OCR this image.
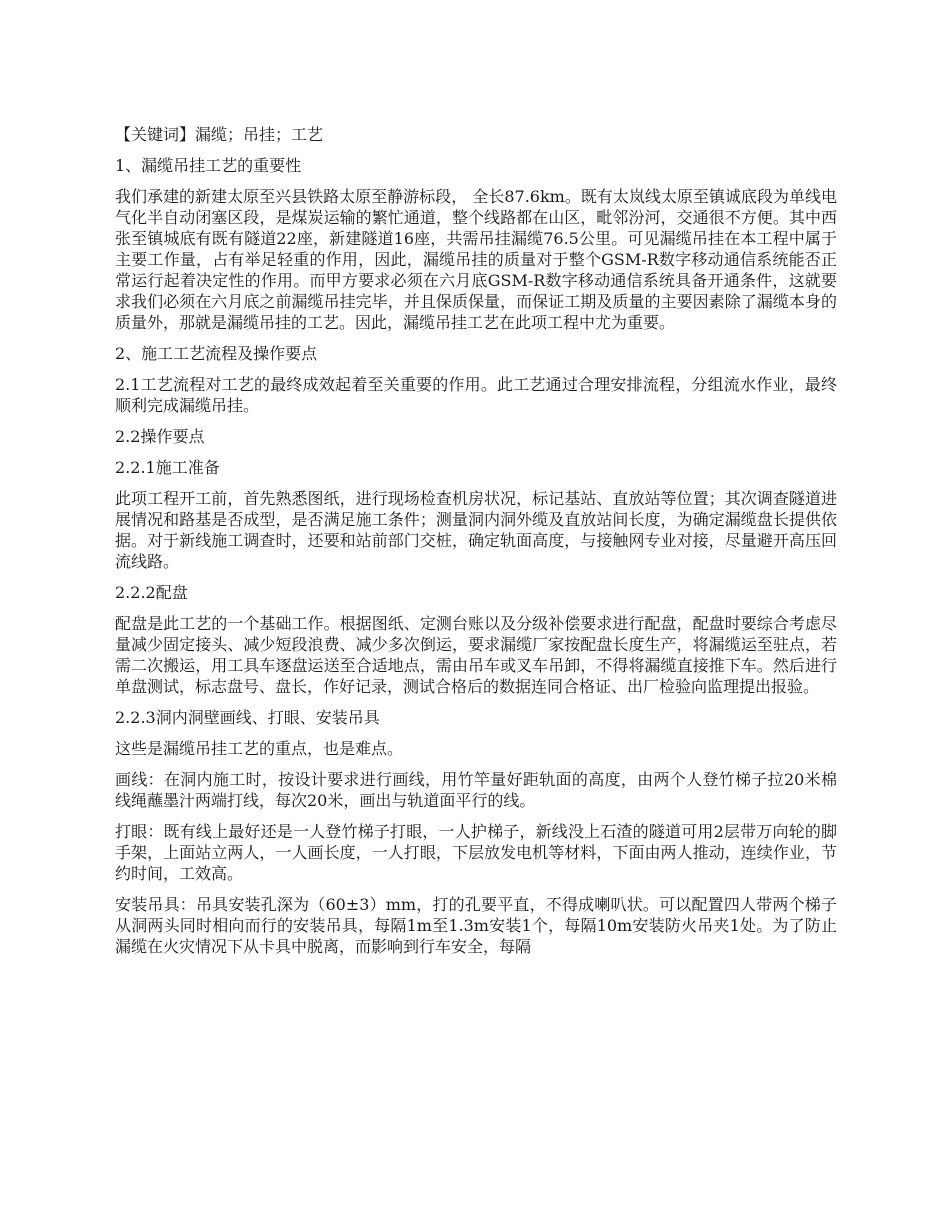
【关键词】漏缆；吊挂；工艺

1、漏缆吊挂工艺的重要性

我们承建的新建太原至兴县铁路太原至静游标段， 全长87.6km。既有太岚线太原至镇诚底段为单线电气化半自动闭塞区段，是煤炭运输的繁忙通道，整个线路都在山区，毗邻汾河，交通很不方便。其中西张至镇城底有既有隧道22座，新建隧道16座，共需吊挂漏缆76.5公里。可见漏缆吊挂在本工程中属于主要工作量，占有举足轻重的作用，因此，漏缆吊挂的质量对于整个GSM-R数字移动通信系统能否正常运行起着决定性的作用。而甲方要求必须在六月底GSM-R数字移动通信系统具备开通条件，这就要求我们必须在六月底之前漏缆吊挂完毕，并且保质保量，而保证工期及质量的主要因素除了漏缆本身的质量外，那就是漏缆吊挂的工艺。因此，漏缆吊挂工艺在此项工程中尤为重要。

2、施工工艺流程及操作要点

2.1工艺流程对工艺的最终成效起着至关重要的作用。此工艺通过合理安排流程，分组流水作业，最终顺利完成漏缆吊挂。

2.2操作要点

2.2.1施工准备

此项工程开工前，首先熟悉图纸，进行现场检查机房状况，标记基站、直放站等位置；其次调查隧道进展情况和路基是否成型，是否满足施工条件；测量洞内洞外缆及直放站间长度，为确定漏缆盘长提供依据。对于新线施工调查时，还要和站前部门交桩，确定轨面高度，与接触网专业对接，尽量避开高压回流线路。

2.2.2配盘

配盘是此工艺的一个基础工作。根据图纸、定测台账以及分级补偿要求进行配盘，配盘时要综合考虑尽量减少固定接头、减少短段浪费、减少多次倒运，要求漏缆厂家按配盘长度生产，将漏缆运至驻点，若需二次搬运，用工具车逐盘运送至合适地点，需由吊车或叉车吊卸，不得将漏缆直接推下车。然后进行单盘测试，标志盘号、盘长，作好记录，测试合格后的数据连同合格证、出厂检验向监理提出报验。

2.2.3洞内洞壁画线、打眼、安装吊具

这些是漏缆吊挂工艺的重点，也是难点。

画线：在洞内施工时，按设计要求进行画线，用竹竿量好距轨面的高度，由两个人登竹梯子拉20米棉线绳蘸墨汁两端打线，每次20米，画出与轨道面平行的线。

打眼：既有线上最好还是一人登竹梯子打眼，一人护梯子，新线没上石渣的隧道可用2层带万向轮的脚手架，上面站立两人，一人画长度，一人打眼，下层放发电机等材料，下面由两人推动，连续作业，节约时间，工效高。

安装吊具：吊具安装孔深为（60±3）mm，打的孔要平直，不得成喇叭状。可以配置四人带两个梯子从洞两头同时相向而行的安装吊具，每隔1m至1.3m安装1个，每隔10m安装防火吊夹1处。为了防止漏缆在火灾情况下从卡具中脱离，而影响到行车安全，每隔
